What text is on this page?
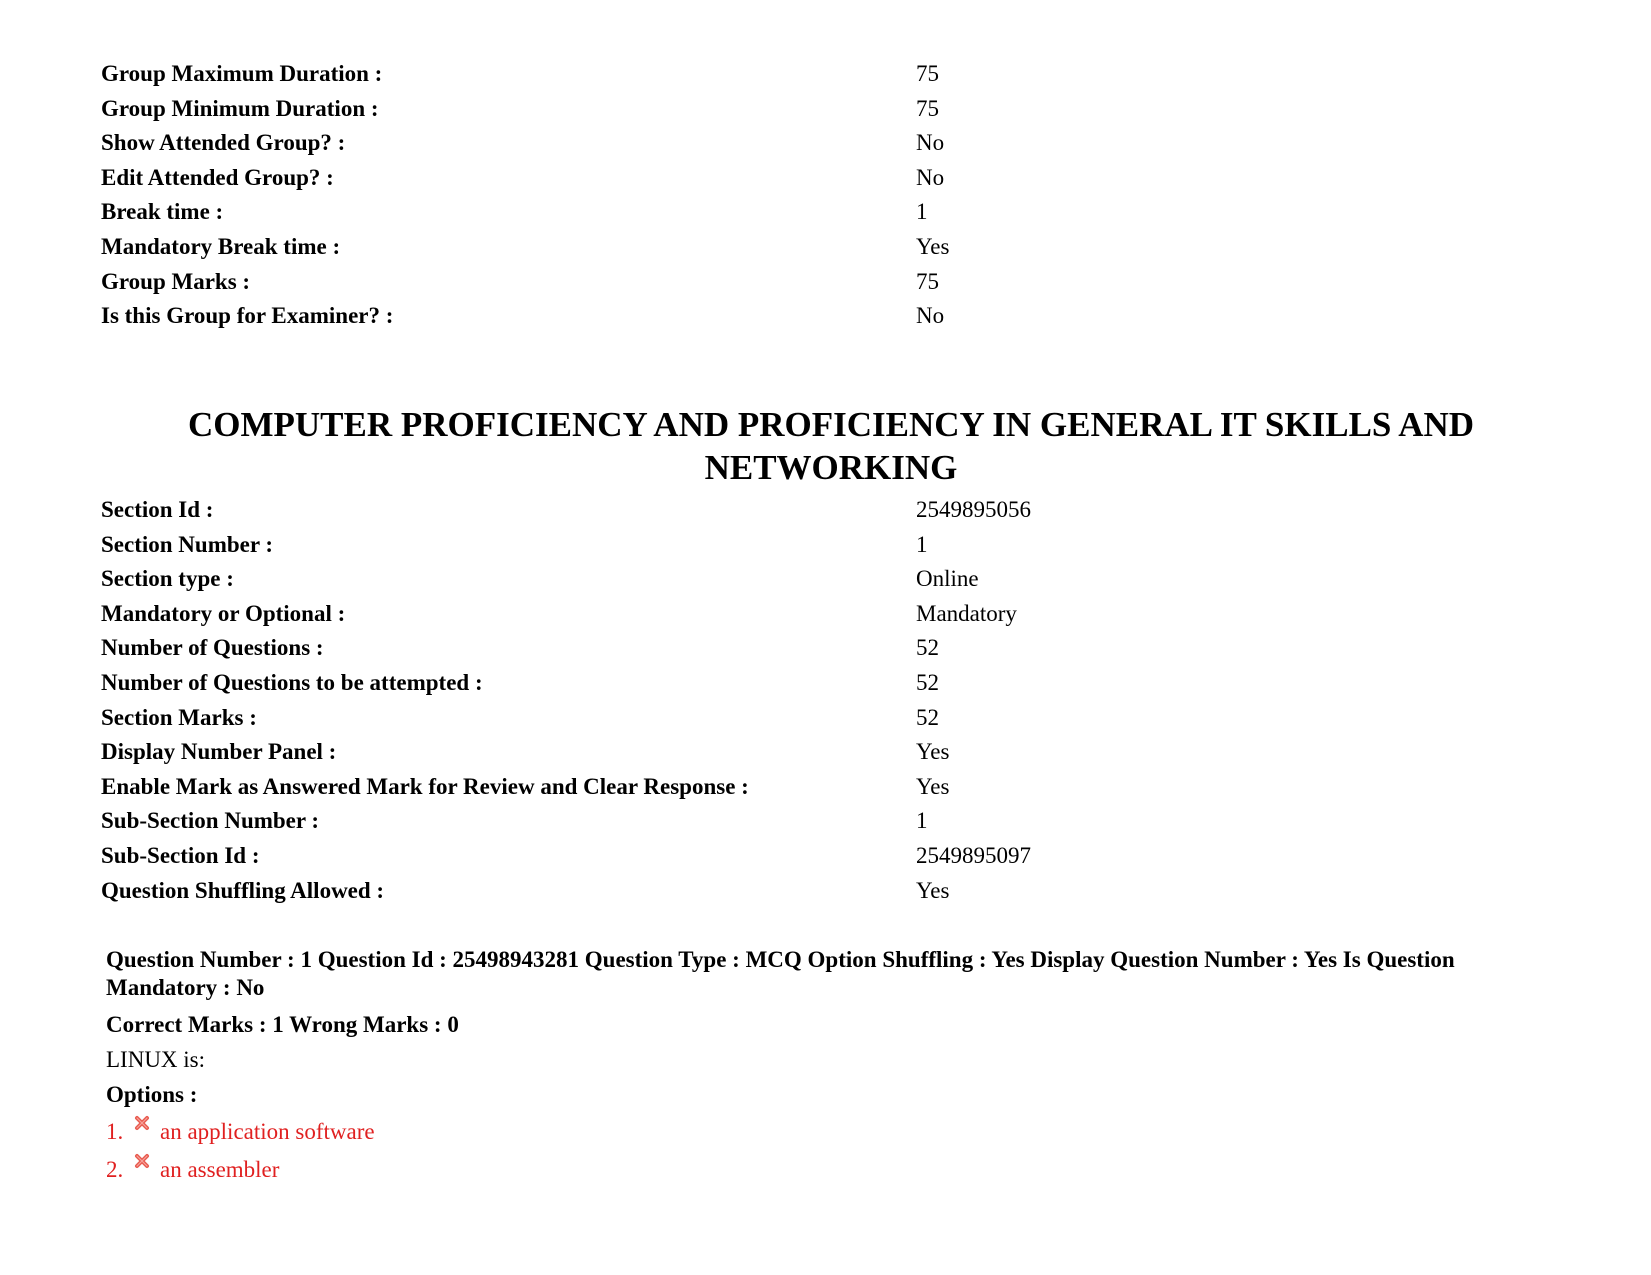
Group Maximum Duration :	75
Group Minimum Duration :	75
Show Attended Group? :	No
Edit Attended Group? :	No
Break time :	1
Mandatory Break time :	Yes
Group Marks :	75
Is this Group for Examiner? :	No
COMPUTER PROFICIENCY AND PROFICIENCY IN GENERAL IT SKILLS AND
NETWORKING
Section Id :	2549895056
Section Number :	1
Section type :	Online
Mandatory or Optional :	Mandatory
Number of Questions :	52
Number of Questions to be attempted :	52
Section Marks :	52
Display Number Panel :	Yes
Enable Mark as Answered Mark for Review and Clear Response :	Yes
Sub-Section Number :	1
Sub-Section Id :	2549895097
Question Shuffling Allowed :	Yes

Question Number : 1 Question Id : 25498943281 Question Type : MCQ Option Shuffling : Yes Display Question Number : Yes Is Question Mandatory : No

Correct Marks : 1 Wrong Marks : 0

LINUX is:

Options :

1.	an application software
2.	an assembler
